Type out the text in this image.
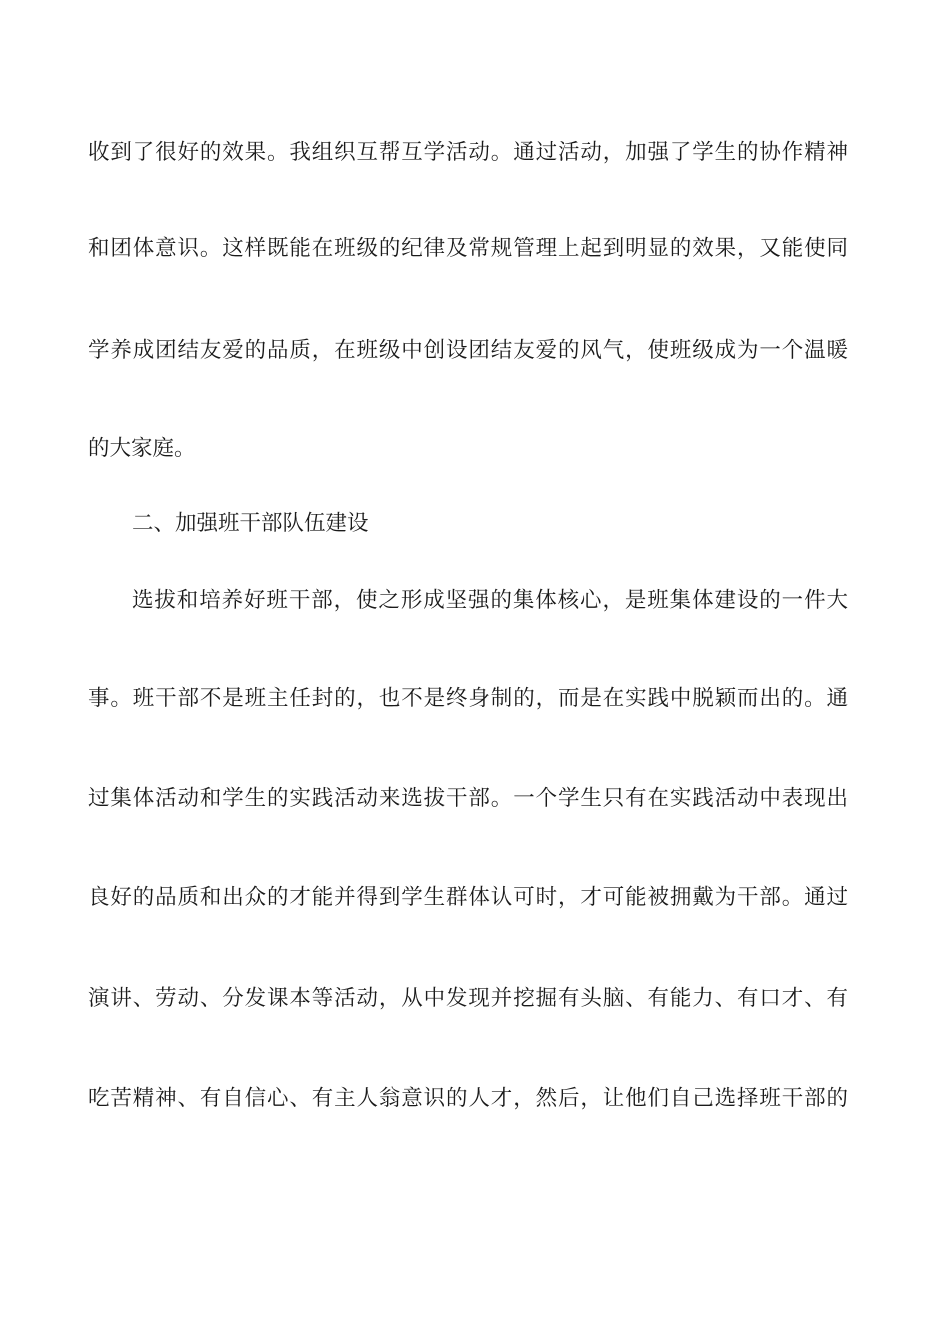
收到了很好的效果。我组织互帮互学活动。通过活动，加强了学生的协作精神
和团体意识。这样既能在班级的纪律及常规管理上起到明显的效果，又能使同
学养成团结友爱的品质，在班级中创设团结友爱的风气，使班级成为一个温暖
的大家庭。
二、加强班干部队伍建设
选拔和培养好班干部，使之形成坚强的集体核心，是班集体建设的一件大
事。班干部不是班主任封的，也不是终身制的，而是在实践中脱颖而出的。通
过集体活动和学生的实践活动来选拔干部。一个学生只有在实践活动中表现出
良好的品质和出众的才能并得到学生群体认可时，才可能被拥戴为干部。通过
演讲、劳动、分发课本等活动，从中发现并挖掘有头脑、有能力、有口才、有
吃苦精神、有自信心、有主人翁意识的人才，然后，让他们自己选择班干部的
